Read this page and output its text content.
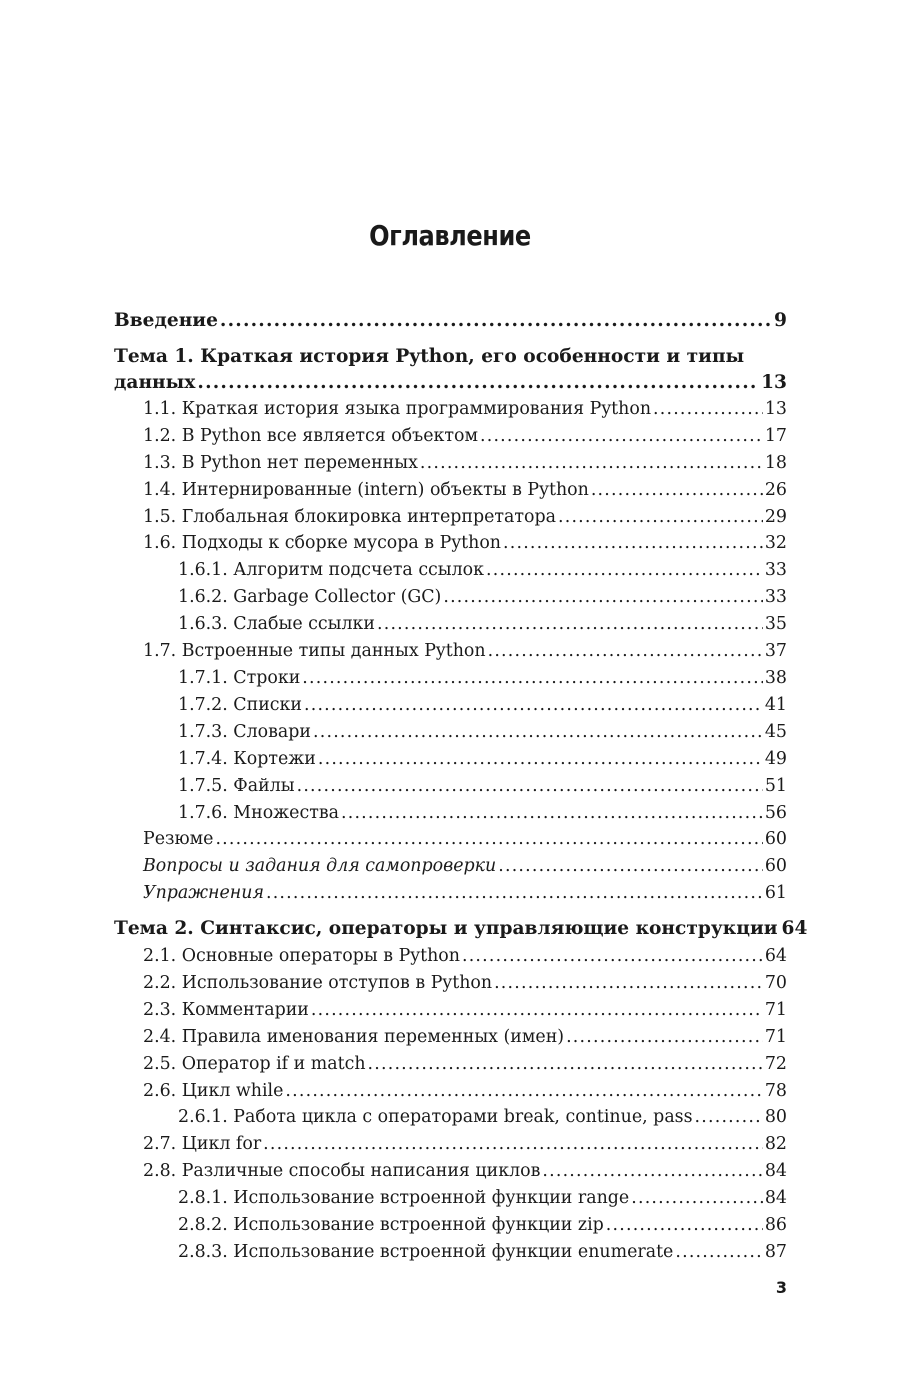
Оглавление
Введение .....	9
Тема 1. Краткая история Python, его особенности и типы
данных .....	13
1.1. Краткая история языка программирования Python .....	13
1.2. В Python все является объектом .....	17
1.3. В Python нет переменных .....	18
1.4. Интернированные (intern) объекты в Python .....	26
1.5. Глобальная блокировка интерпретатора .....	29
1.6. Подходы к сборке мусора в Python .....	32
1.6.1. Алгоритм подсчета ссылок .....	33
1.6.2. Garbage Collector (GC) .....	33
1.6.3. Слабые ссылки .....	35
1.7. Встроенные типы данных Python .....	37
1.7.1. Строки .....	38
1.7.2. Списки .....	41
1.7.3. Словари .....	45
1.7.4. Кортежи .....	49
1.7.5. Файлы .....	51
1.7.6. Множества .....	56
Резюме .....	60
Вопросы и задания для самопроверки .....	60
Упражнения .....	61
Тема 2. Синтаксис, операторы и управляющие конструкции 64
2.1. Основные операторы в Python .....	64
2.2. Использование отступов в Python .....	70
2.3. Комментарии .....	71
2.4. Правила именования переменных (имен) .....	71
2.5. Оператор if и match .....	72
2.6. Цикл while .....	78
2.6.1. Работа цикла с операторами break, continue, pass .....	80
2.7. Цикл for .....	82
2.8. Различные способы написания циклов .....	84
2.8.1. Использование встроенной функции range .....	84
2.8.2. Использование встроенной функции zip .....	86
2.8.3. Использование встроенной функции enumerate .....	87
3
